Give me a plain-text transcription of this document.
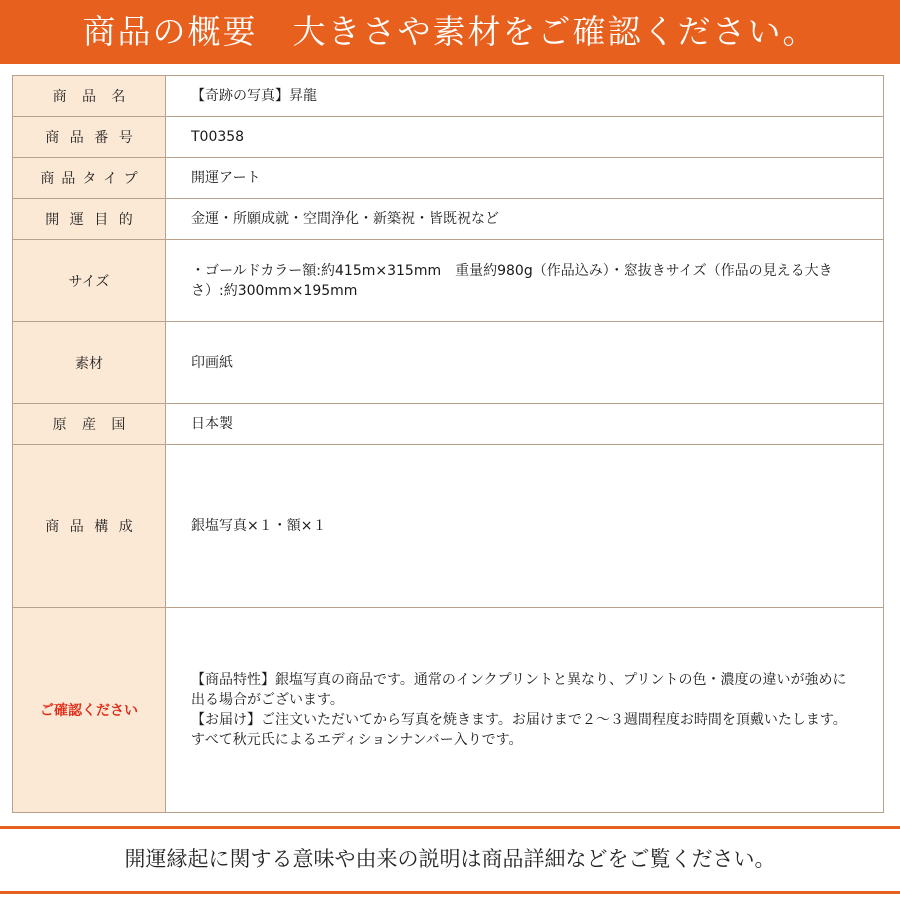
商品の概要　大きさや素材をご確認ください。
商品名	【奇跡の写真】昇龍
商品番号	T00358
商品タイプ	開運アート
開運目的	金運・所願成就・空間浄化・新築祝・皆既祝など
サイズ	・ゴールドカラー額:約415m×315mm　重量約980g（作品込み）・窓抜きサイズ（作品の見える大きさ）:約300mm×195mm
素材	印画紙
原産国	日本製
商品構成	銀塩写真×１・額×１
ご確認ください	【商品特性】銀塩写真の商品です。通常のインクプリントと異なり、プリントの色・濃度の違いが強めに出る場合がございます。
【お届け】ご注文いただいてから写真を焼きます。お届けまで２～３週間程度お時間を頂戴いたします。すべて秋元氏によるエディションナンバー入りです。
開運縁起に関する意味や由来の説明は商品詳細などをご覧ください。
